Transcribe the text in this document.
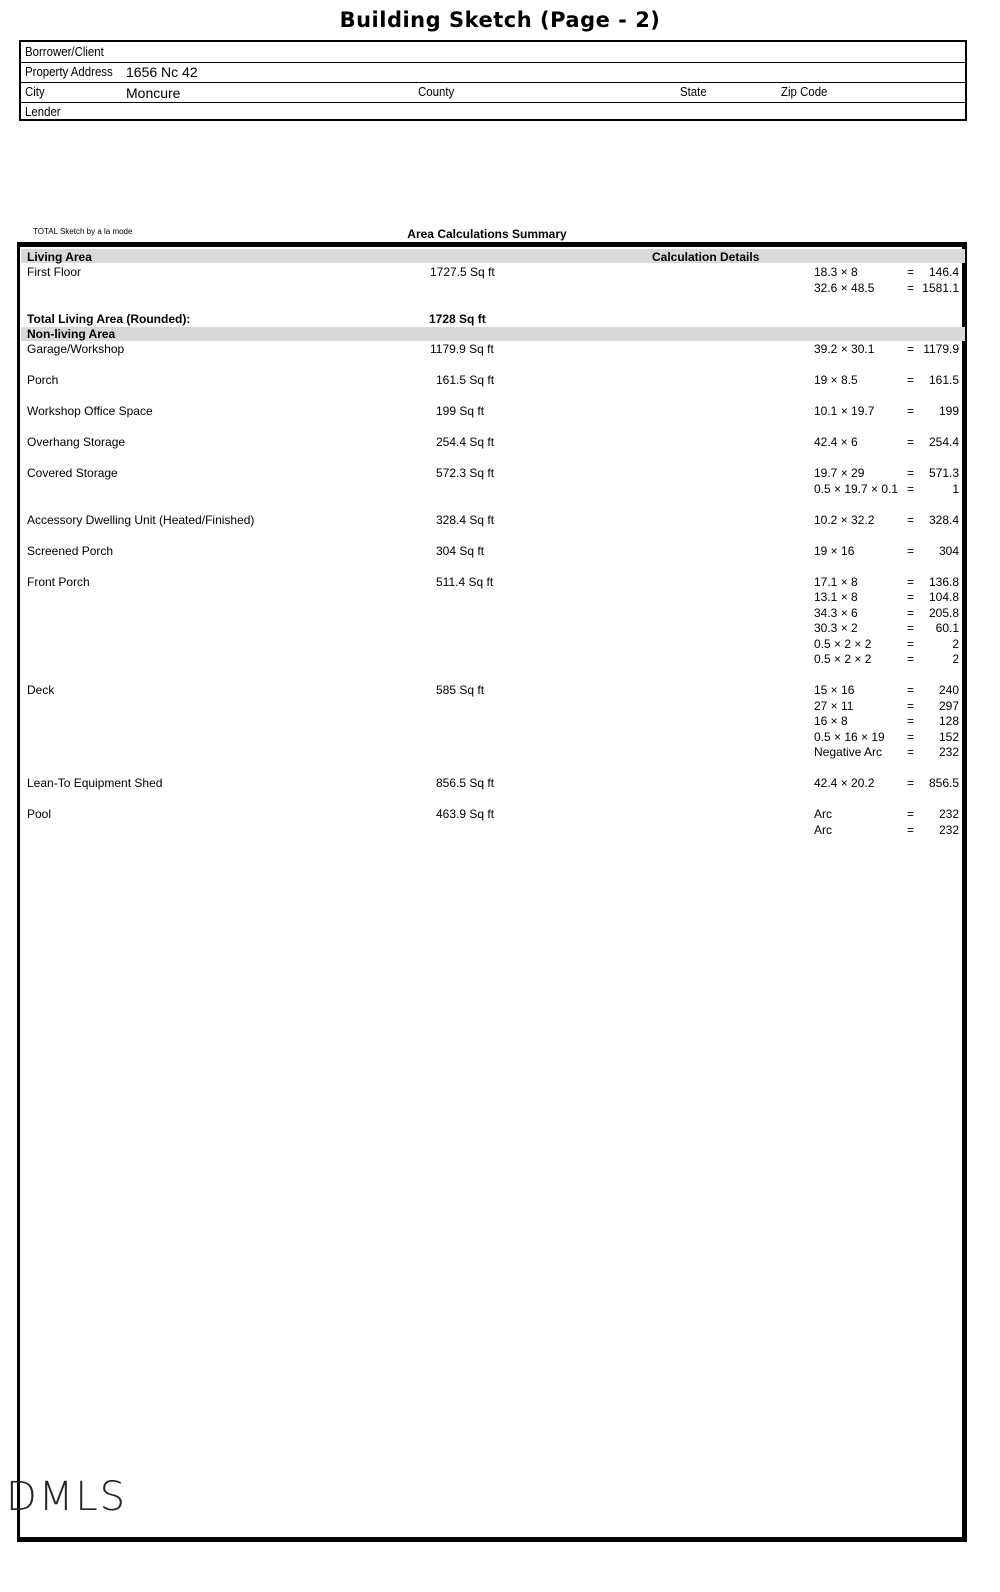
Building Sketch (Page - 2)
Borrower/Client
Property Address 1656 Nc 42
City	Moncure	County	State	Zip Code
Lender
TOTAL Sketch by a la mode	Area Calculations Summary
Living Area	Calculation Details
First Floor	1727.5 Sq ft	18.3 × 8	= 146.4
32.6 × 48.5	= 1581.1
Total Living Area (Rounded):	1728 Sq ft
Non-living Area
Garage/Workshop	1179.9 Sq ft	39.2 × 30.1	= 1179.9
Porch	161.5 Sq ft	19 × 8.5	= 161.5
Workshop Office Space	199 Sq ft	10.1 × 19.7	= 199
Overhang Storage	254.4 Sq ft	42.4 × 6	= 254.4
Covered Storage	572.3 Sq ft	19.7 × 29	= 571.3
0.5 × 19.7 × 0.1 =	1
Accessory Dwelling Unit (Heated/Finished)	328.4 Sq ft	10.2 × 32.2	= 328.4
Screened Porch	304 Sq ft	19 × 16	= 304
Front Porch	511.4 Sq ft	17.1 × 8	= 136.8
13.1 × 8	= 104.8
34.3 × 6	= 205.8
30.3 × 2	= 60.1
0.5 × 2 × 2	=	2
0.5 × 2 × 2	=	2
Deck	585 Sq ft	15 × 16	= 240
27 × 11	= 297
16 × 8	= 128
0.5 × 16 × 19 = 152
Negative Arc = 232
Lean-To Equipment Shed	856.5 Sq ft	42.4 × 20.2	= 856.5
Pool	463.9 Sq ft	Arc	= 232
Arc	= 232
DMLS
